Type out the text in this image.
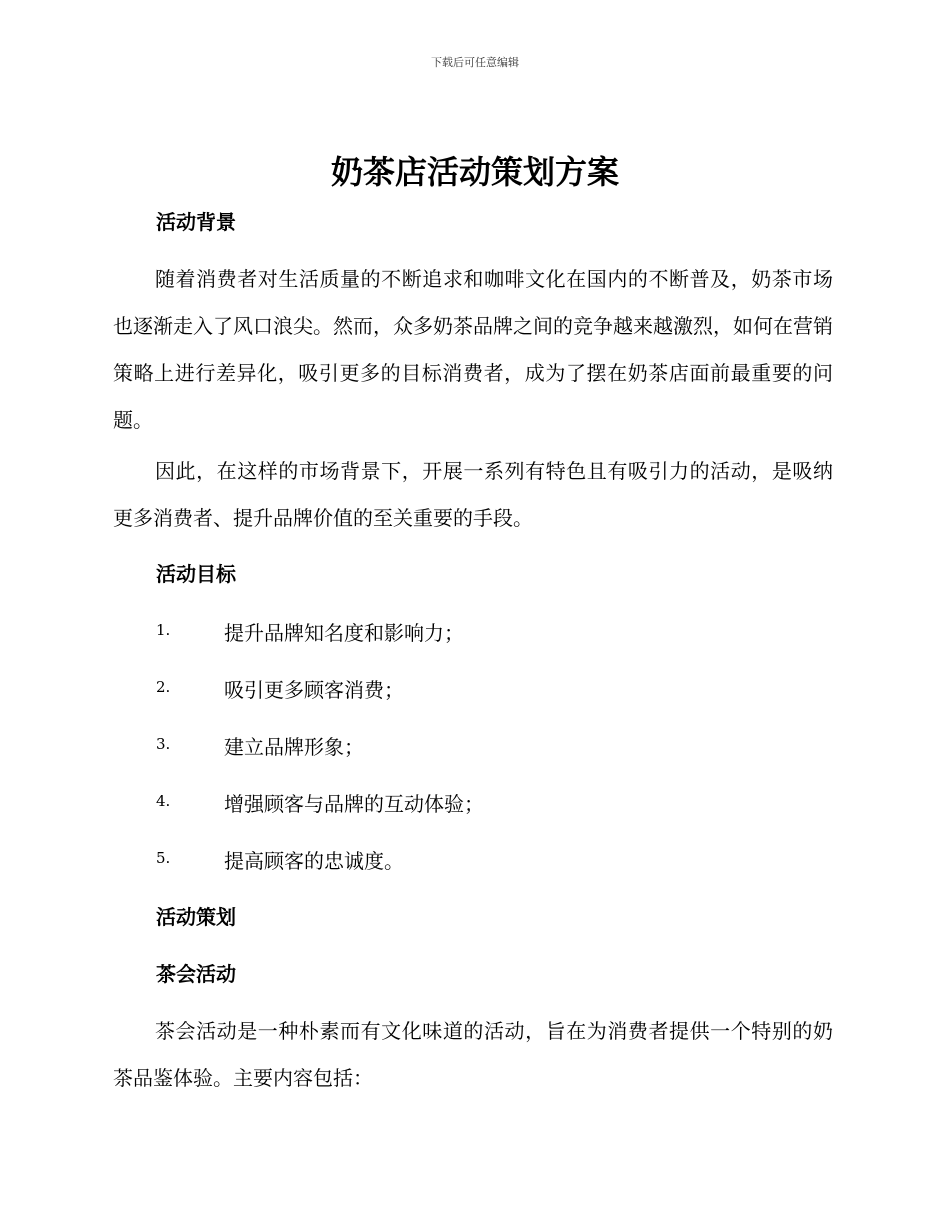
下载后可任意编辑
奶茶店活动策划方案
活动背景

随着消费者对生活质量的不断追求和咖啡文化在国内的不断普及，奶茶市场也逐渐走入了风口浪尖。然而，众多奶茶品牌之间的竞争越来越激烈，如何在营销策略上进行差异化，吸引更多的目标消费者，成为了摆在奶茶店面前最重要的问题。

因此，在这样的市场背景下，开展一系列有特色且有吸引力的活动，是吸纳更多消费者、提升品牌价值的至关重要的手段。

活动目标
1.	提升品牌知名度和影响力；
2.	吸引更多顾客消费；
3.	建立品牌形象；
4.	增强顾客与品牌的互动体验；
5.	提高顾客的忠诚度。
活动策划
茶会活动

茶会活动是一种朴素而有文化味道的活动，旨在为消费者提供一个特别的奶茶品鉴体验。主要内容包括：
